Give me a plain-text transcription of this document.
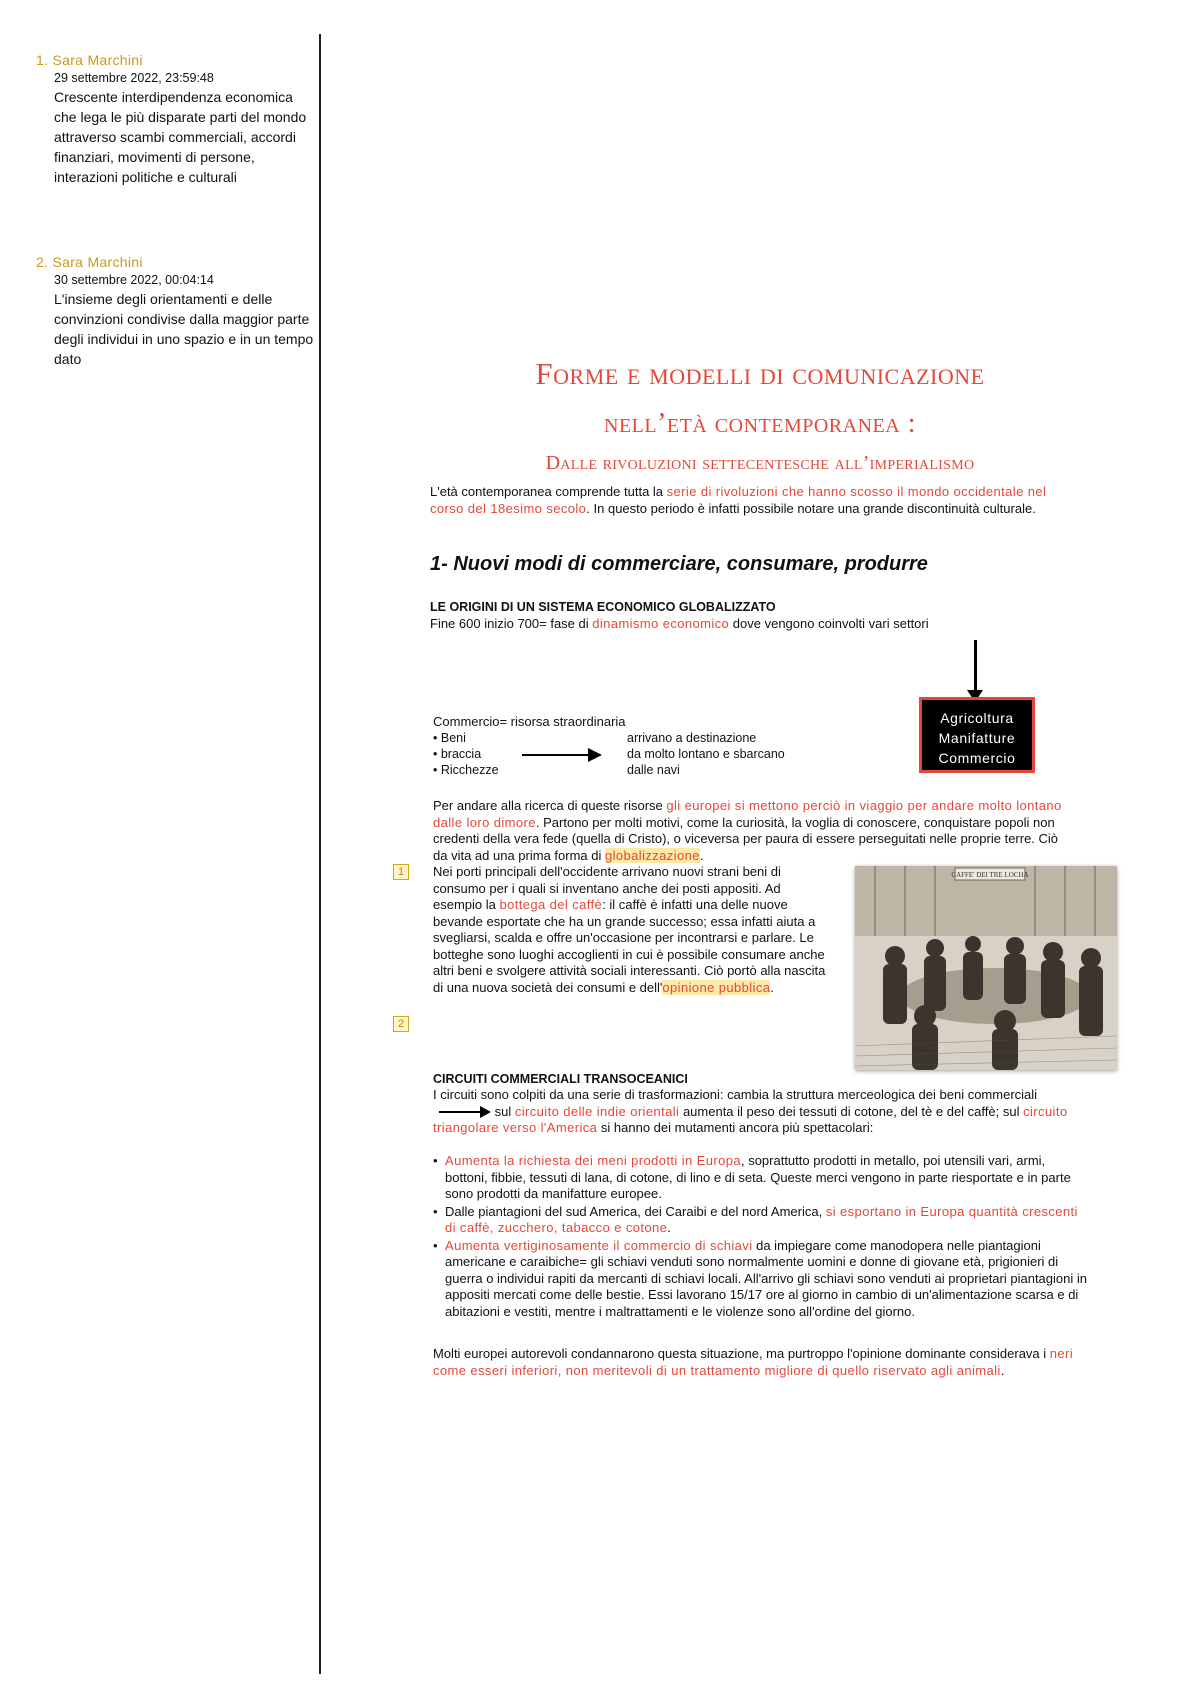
1. Sara Marchini
29 settembre 2022, 23:59:48
Crescente interdipendenza economica che lega le più disparate parti del mondo attraverso scambi commerciali, accordi finanziari, movimenti di persone, interazioni politiche e culturali
2. Sara Marchini
30 settembre 2022, 00:04:14
L'insieme degli orientamenti e delle convinzioni condivise dalla maggior parte degli individui in uno spazio e in un tempo dato	Forme e modelli di comunicazione
nell’età contemporanea :
Dalle rivoluzioni settecentesche all’imperialismo
L'età contemporanea comprende tutta la serie di rivoluzioni che hanno scosso il mondo occidentale nel corso del 18esimo secolo. In questo periodo è infatti possibile notare una grande discontinuità culturale.
1- Nuovi modi di commerciare, consumare, produrre
LE ORIGINI DI UN SISTEMA ECONOMICO GLOBALIZZATO
Fine 600 inizio 700= fase di dinamismo economico dove vengono coinvolti vari settori
Agricoltura
Manifatture
Commercio
Commercio= risorsa straordinaria
• Beni
• braccia
• Ricchezze
arrivano a destinazione
da molto lontano e sbarcano
dalle navi
Per andare alla ricerca di queste risorse gli europei si mettono perciò in viaggio per andare molto lontano dalle loro dimore. Partono per molti motivi, come la curiosità, la voglia di conoscere, conquistare popoli non credenti della vera fede (quella di Cristo), o viceversa per paura di essere perseguitati nelle proprie terre. Ciò da vita ad una prima forma di globalizzazione.
1
2
Nei porti principali dell'occidente arrivano nuovi strani beni di consumo per i quali si inventano anche dei posti appositi. Ad esempio la bottega del caffè: il caffè è infatti una delle nuove bevande esportate che ha un grande successo; essa infatti aiuta a svegliarsi, scalda e offre un'occasione per incontrarsi e parlare. Le botteghe sono luoghi accoglienti in cui è possibile consumare anche altri beni e svolgere attività sociali interessanti. Ciò portò alla nascita di una nuova società dei consumi e dell'opinione pubblica.
CAFFE' DEI TRE LOCHA
CIRCUITI COMMERCIALI TRANSOCEANICI
I circuiti sono colpiti da una serie di trasformazioni: cambia la struttura merceologica dei beni commerciali sul circuito delle indie orientali aumenta il peso dei tessuti di cotone, del tè e del caffè; sul circuito triangolare verso l'America si hanno dei mutamenti ancora più spettacolari:
• Aumenta la richiesta dei meni prodotti in Europa, soprattutto prodotti in metallo, poi utensili vari, armi, bottoni, fibbie, tessuti di lana, di cotone, di lino e di seta. Queste merci vengono in parte riesportate e in parte sono prodotti da manifatture europee.
• Dalle piantagioni del sud America, dei Caraibi e del nord America, si esportano in Europa quantità crescenti di caffè, zucchero, tabacco e cotone.
• Aumenta vertiginosamente il commercio di schiavi da impiegare come manodopera nelle piantagioni americane e caraibiche= gli schiavi venduti sono normalmente uomini e donne di giovane età, prigionieri di guerra o individui rapiti da mercanti di schiavi locali. All'arrivo gli schiavi sono venduti ai proprietari piantagioni in appositi mercati come delle bestie. Essi lavorano 15/17 ore al giorno in cambio di un'alimentazione scarsa e di abitazioni e vestiti, mentre i maltrattamenti e le violenze sono all'ordine del giorno.
Molti europei autorevoli condannarono questa situazione, ma purtroppo l'opinione dominante considerava i neri come esseri inferiori, non meritevoli di un trattamento migliore di quello riservato agli animali.
